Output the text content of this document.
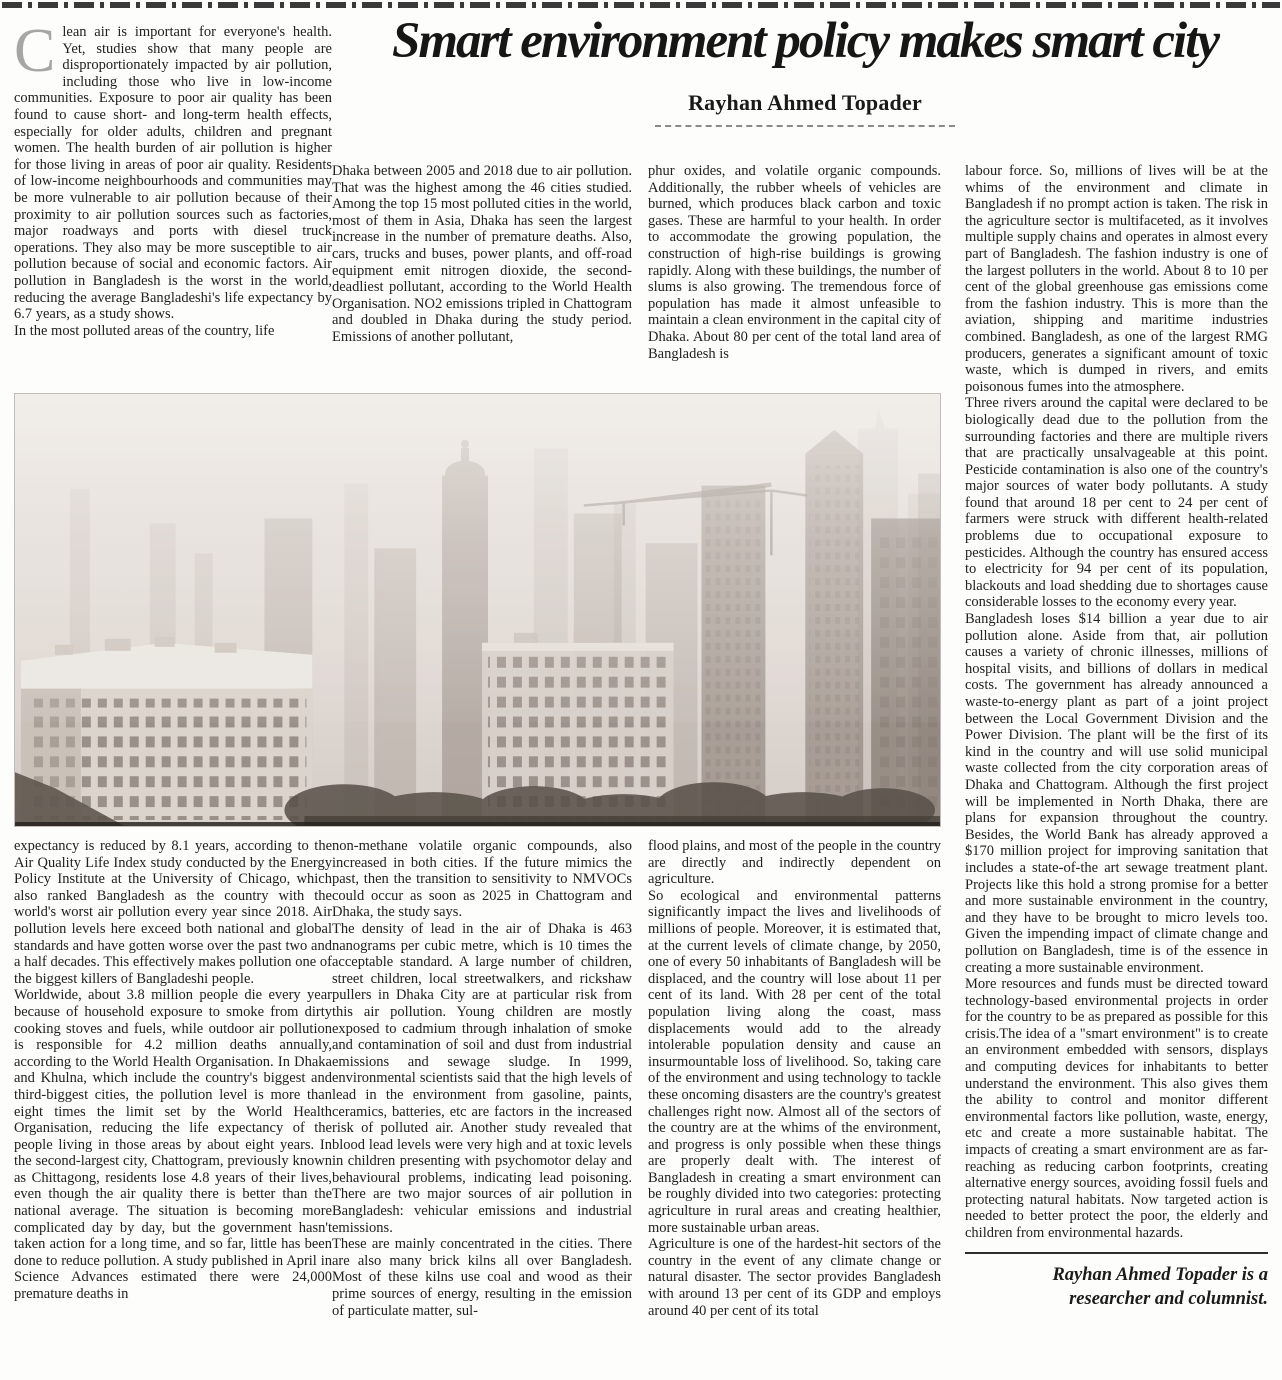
Smart environment policy makes smart city
Rayhan Ahmed Topader

Clean air is important for everyone's health. Yet, studies show that many people are disproportionately impacted by air pollution, including those who live in low-income communities. Exposure to poor air quality has been found to cause short- and long-term health effects, especially for older adults, children and pregnant women. The health burden of air pollution is higher for those living in areas of poor air quality. Residents of low-income neighbourhoods and communities may be more vulnerable to air pollution because of their proximity to air pollution sources such as factories, major roadways and ports with diesel truck operations. They also may be more susceptible to air pollution because of social and economic factors. Air pollution in Bangladesh is the worst in the world, reducing the average Bangladeshi's life expectancy by 6.7 years, as a study shows.

In the most polluted areas of the country, life

Dhaka between 2005 and 2018 due to air pollution. That was the highest among the 46 cities studied. Among the top 15 most polluted cities in the world, most of them in Asia, Dhaka has seen the largest increase in the number of premature deaths. Also, cars, trucks and buses, power plants, and off-road equipment emit nitrogen dioxide, the second-deadliest pollutant, according to the World Health Organisation. NO2 emissions tripled in Chattogram and doubled in Dhaka during the study period. Emissions of another pollutant,

phur oxides, and volatile organic compounds. Additionally, the rubber wheels of vehicles are burned, which produces black carbon and toxic gases. These are harmful to your health. In order to accommodate the growing population, the construction of high-rise buildings is growing rapidly. Along with these buildings, the number of slums is also growing. The tremendous force of population has made it almost unfeasible to maintain a clean environment in the capital city of Dhaka. About 80 per cent of the total land area of Bangladesh is

labour force. So, millions of lives will be at the whims of the environment and climate in Bangladesh if no prompt action is taken. The risk in the agriculture sector is multifaceted, as it involves multiple supply chains and operates in almost every part of Bangladesh. The fashion industry is one of the largest polluters in the world. About 8 to 10 per cent of the global greenhouse gas emissions come from the fashion industry. This is more than the aviation, shipping and maritime industries combined. Bangladesh, as one of the largest RMG producers, generates a significant amount of toxic waste, which is dumped in rivers, and emits poisonous fumes into the atmosphere.

Three rivers around the capital were declared to be biologically dead due to the pollution from the surrounding factories and there are multiple rivers that are practically unsalvageable at this point. Pesticide contamination is also one of the country's major sources of water body pollutants. A study found that around 18 per cent to 24 per cent of farmers were struck with different health-related problems due to occupational exposure to pesticides. Although the country has ensured access to electricity for 94 per cent of its population, blackouts and load shedding due to shortages cause considerable losses to the economy every year.

Bangladesh loses $14 billion a year due to air pollution alone. Aside from that, air pollution causes a variety of chronic illnesses, millions of hospital visits, and billions of dollars in medical costs. The government has already announced a waste-to-energy plant as part of a joint project between the Local Government Division and the Power Division. The plant will be the first of its kind in the country and will use solid municipal waste collected from the city corporation areas of Dhaka and Chattogram. Although the first project will be implemented in North Dhaka, there are plans for expansion throughout the country. Besides, the World Bank has already approved a $170 million project for improving sanitation that includes a state-of-the art sewage treatment plant. Projects like this hold a strong promise for a better and more sustainable environment in the country, and they have to be brought to micro levels too. Given the impending impact of climate change and pollution on Bangladesh, time is of the essence in creating a more sustainable environment.

More resources and funds must be directed toward technology-based environmental projects in order for the country to be as prepared as possible for this crisis.The idea of a "smart environment" is to create an environment embedded with sensors, displays and computing devices for inhabitants to better understand the environment. This also gives them the ability to control and monitor different environmental factors like pollution, waste, energy, etc and create a more sustainable habitat. The impacts of creating a smart environment are as far-reaching as reducing carbon footprints, creating alternative energy sources, avoiding fossil fuels and protecting natural habitats. Now targeted action is needed to better protect the poor, the elderly and children from environmental hazards.

Rayhan Ahmed Topader is a
researcher and columnist.

expectancy is reduced by 8.1 years, according to the Air Quality Life Index study conducted by the Energy Policy Institute at the University of Chicago, which also ranked Bangladesh as the country with the world's worst air pollution every year since 2018. Air pollution levels here exceed both national and global standards and have gotten worse over the past two and a half decades. This effectively makes pollution one of the biggest killers of Bangladeshi people.

Worldwide, about 3.8 million people die every year because of household exposure to smoke from dirty cooking stoves and fuels, while outdoor air pollution is responsible for 4.2 million deaths annually, according to the World Health Organisation. In Dhaka and Khulna, which include the country's biggest and third-biggest cities, the pollution level is more than eight times the limit set by the World Health Organisation, reducing the life expectancy of the people living in those areas by about eight years. In the second-largest city, Chattogram, previously known as Chittagong, residents lose 4.8 years of their lives, even though the air quality there is better than the national average. The situation is becoming more complicated day by day, but the government hasn't taken action for a long time, and so far, little has been done to reduce pollution. A study published in April in Science Advances estimated there were 24,000 premature deaths in

non-methane volatile organic compounds, also increased in both cities. If the future mimics the past, then the transition to sensitivity to NMVOCs could occur as soon as 2025 in Chattogram and Dhaka, the study says.

The density of lead in the air of Dhaka is 463 nanograms per cubic metre, which is 10 times the acceptable standard. A large number of children, street children, local streetwalkers, and rickshaw pullers in Dhaka City are at particular risk from this air pollution. Young children are mostly exposed to cadmium through inhalation of smoke and contamination of soil and dust from industrial emissions and sewage sludge. In 1999, environmental scientists said that the high levels of lead in the environment from gasoline, paints, ceramics, batteries, etc are factors in the increased risk of polluted air. Another study revealed that blood lead levels were very high and at toxic levels in children presenting with psychomotor delay and behavioural problems, indicating lead poisoning. There are two major sources of air pollution in Bangladesh: vehicular emissions and industrial emissions.

These are mainly concentrated in the cities. There are also many brick kilns all over Bangladesh. Most of these kilns use coal and wood as their prime sources of energy, resulting in the emission of particulate matter, sul-

flood plains, and most of the people in the country are directly and indirectly dependent on agriculture.

So ecological and environmental patterns significantly impact the lives and livelihoods of millions of people. Moreover, it is estimated that, at the current levels of climate change, by 2050, one of every 50 inhabitants of Bangladesh will be displaced, and the country will lose about 11 per cent of its land. With 28 per cent of the total population living along the coast, mass displacements would add to the already intolerable population density and cause an insurmountable loss of livelihood. So, taking care of the environment and using technology to tackle these oncoming disasters are the country's greatest challenges right now. Almost all of the sectors of the country are at the whims of the environment, and progress is only possible when these things are properly dealt with. The interest of Bangladesh in creating a smart environment can be roughly divided into two categories: protecting agriculture in rural areas and creating healthier, more sustainable urban areas.

Agriculture is one of the hardest-hit sectors of the country in the event of any climate change or natural disaster. The sector provides Bangladesh with around 13 per cent of its GDP and employs around 40 per cent of its total
